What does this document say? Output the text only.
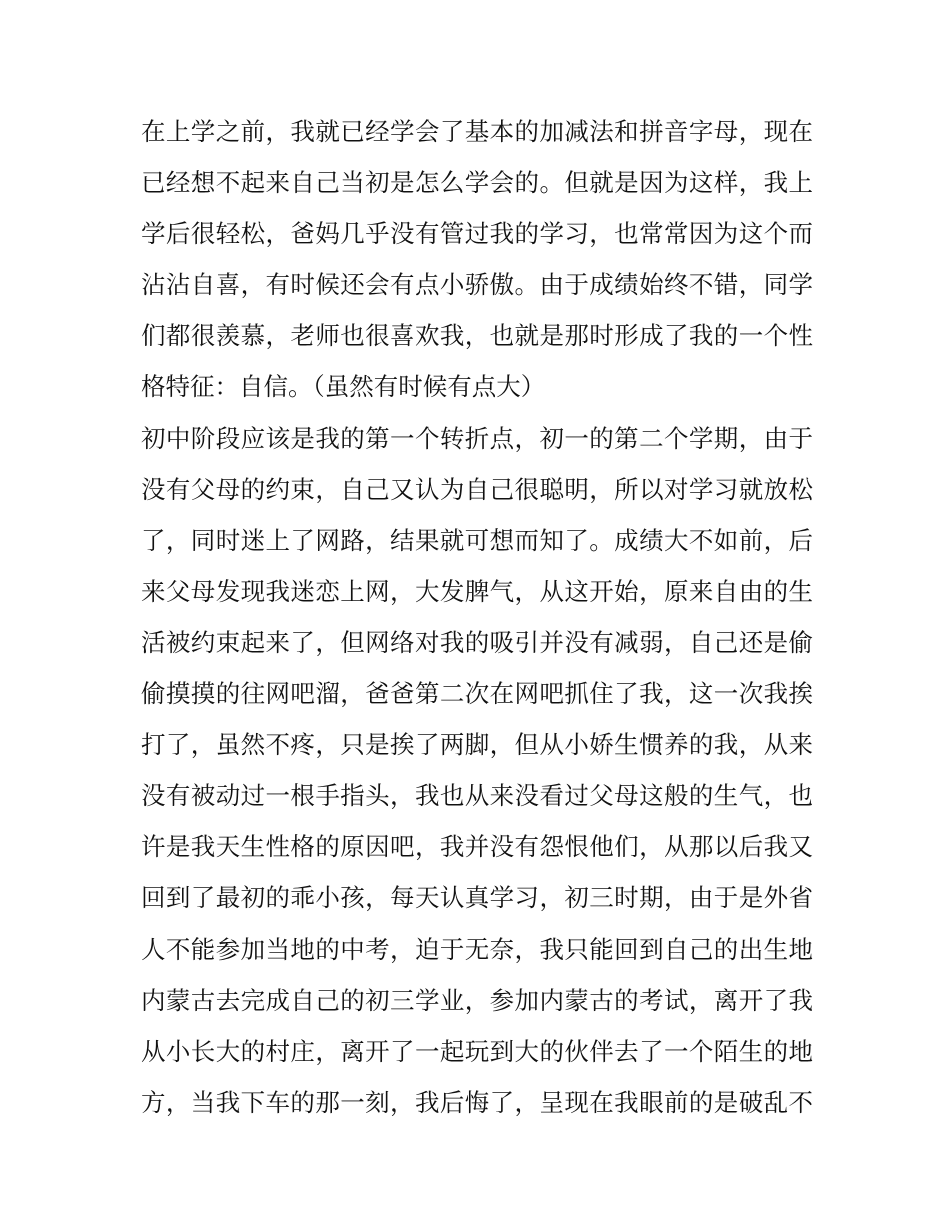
在上学之前，我就已经学会了基本的加减法和拼音字母，现在
已经想不起来自己当初是怎么学会的。但就是因为这样，我上
学后很轻松，爸妈几乎没有管过我的学习，也常常因为这个而
沾沾自喜，有时候还会有点小骄傲。由于成绩始终不错，同学
们都很羡慕，老师也很喜欢我，也就是那时形成了我的一个性
格特征：自信。（虽然有时候有点大）
初中阶段应该是我的第一个转折点，初一的第二个学期，由于
没有父母的约束，自己又认为自己很聪明，所以对学习就放松
了，同时迷上了网路，结果就可想而知了。成绩大不如前，后
来父母发现我迷恋上网，大发脾气，从这开始，原来自由的生
活被约束起来了，但网络对我的吸引并没有减弱，自己还是偷
偷摸摸的往网吧溜，爸爸第二次在网吧抓住了我，这一次我挨
打了，虽然不疼，只是挨了两脚，但从小娇生惯养的我，从来
没有被动过一根手指头，我也从来没看过父母这般的生气，也
许是我天生性格的原因吧，我并没有怨恨他们，从那以后我又
回到了最初的乖小孩，每天认真学习，初三时期，由于是外省
人不能参加当地的中考，迫于无奈，我只能回到自己的出生地
内蒙古去完成自己的初三学业，参加内蒙古的考试，离开了我
从小长大的村庄，离开了一起玩到大的伙伴去了一个陌生的地
方，当我下车的那一刻，我后悔了，呈现在我眼前的是破乱不
